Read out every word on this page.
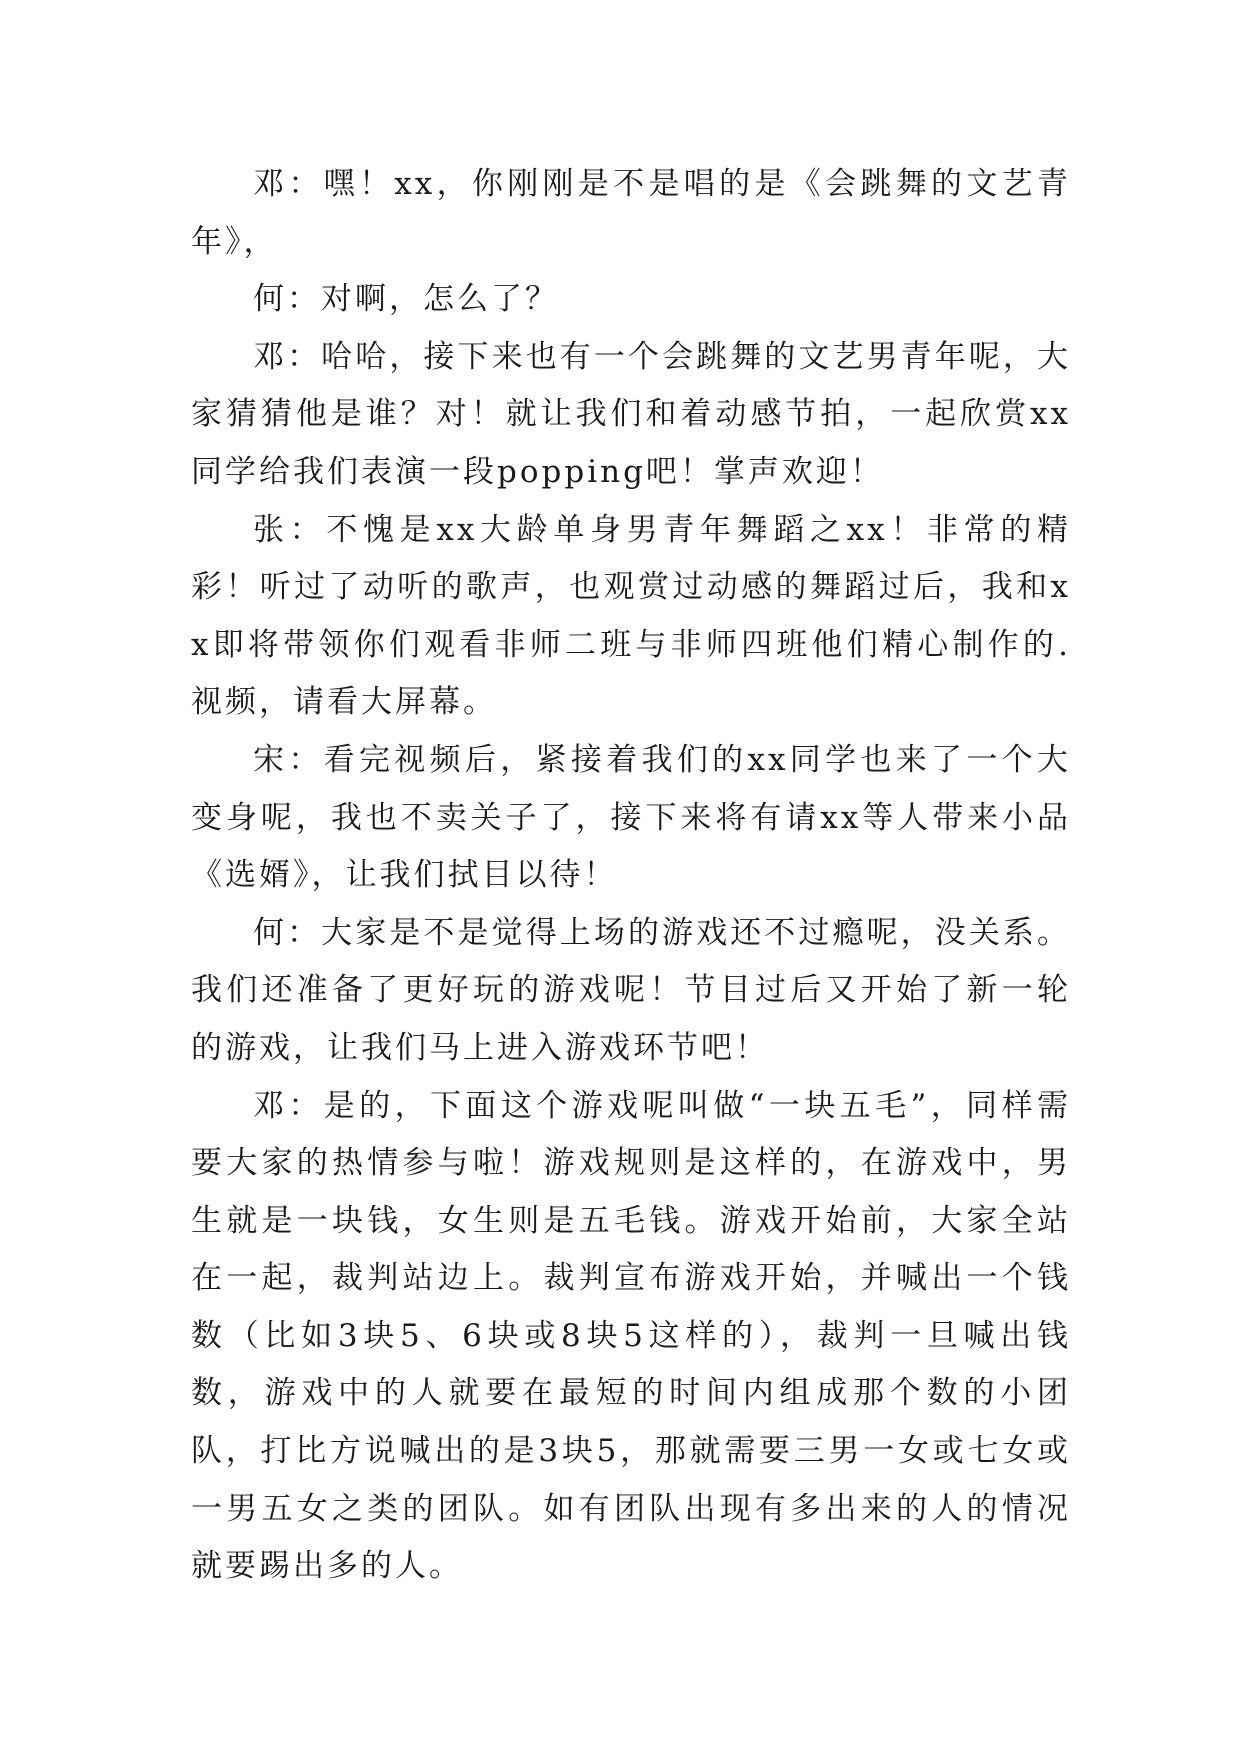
邓：嘿！xx，你刚刚是不是唱的是《会跳舞的文艺青年》，

何：对啊，怎么了？

邓：哈哈，接下来也有一个会跳舞的文艺男青年呢，大家猜猜他是谁？对！就让我们和着动感节拍，一起欣赏xx同学给我们表演一段popping吧！掌声欢迎！

张：不愧是xx大龄单身男青年舞蹈之xx！非常的精彩！听过了动听的歌声，也观赏过动感的舞蹈过后，我和xx即将带领你们观看非师二班与非师四班他们精心制作的.视频，请看大屏幕。

宋：看完视频后，紧接着我们的xx同学也来了一个大变身呢，我也不卖关子了，接下来将有请xx等人带来小品《选婿》，让我们拭目以待！

何：大家是不是觉得上场的游戏还不过瘾呢，没关系。我们还准备了更好玩的游戏呢！节目过后又开始了新一轮的游戏，让我们马上进入游戏环节吧！

邓：是的，下面这个游戏呢叫做“一块五毛”，同样需要大家的热情参与啦！游戏规则是这样的，在游戏中，男生就是一块钱，女生则是五毛钱。游戏开始前，大家全站在一起，裁判站边上。裁判宣布游戏开始，并喊出一个钱数（比如3块5、6块或8块5这样的），裁判一旦喊出钱数，游戏中的人就要在最短的时间内组成那个数的小团队，打比方说喊出的是3块5，那就需要三男一女或七女或一男五女之类的团队。如有团队出现有多出来的人的情况就要踢出多的人。
